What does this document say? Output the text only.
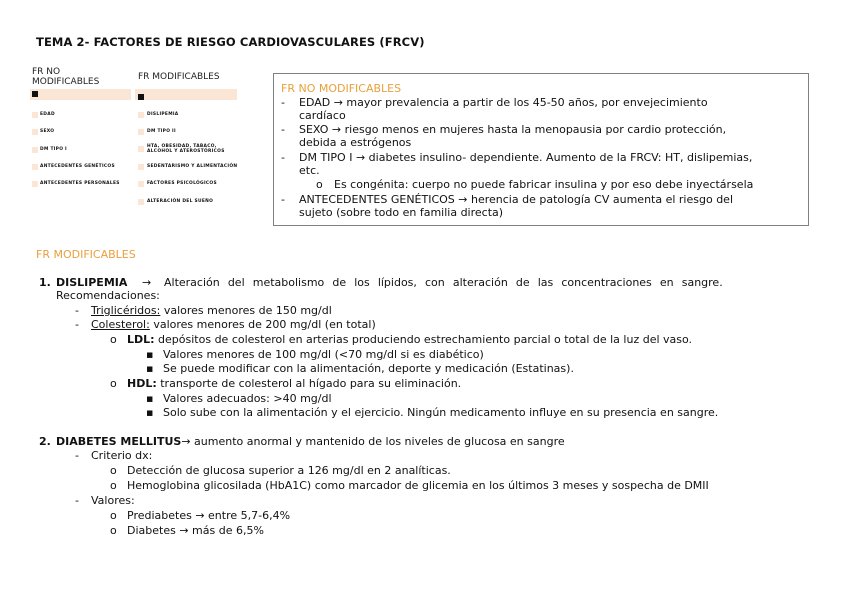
TEMA 2- FACTORES DE RIESGO CARDIOVASCULARES (FRCV)
FR NO MODIFICABLES	FR MODIFICABLES
EDAD
SEXO
DM TIPO I
ANTECEDENTES GENÉTICOS
ANTECEDENTES PERSONALES
DISLIPEMIA
DM TIPO II
HTA, OBESIDAD, TABACO,
ALCOHOL Y ATEROSTÓRICOS
SEDENTARISMO Y ALIMENTACIÓN
FACTORES PSICOLÓGICOS
ALTERACIÓN DEL SUEÑO
FR NO MODIFICABLES
- EDAD → mayor prevalencia a partir de los 45-50 años, por envejecimiento
cardíaco
- SEXO → riesgo menos en mujeres hasta la menopausia por cardio protección,
debida a estrógenos
- DM TIPO I → diabetes insulino- dependiente. Aumento de la FRCV: HT, dislipemias,
etc.
o Es congénita: cuerpo no puede fabricar insulina y por eso debe inyectársela
- ANTECEDENTES GENÉTICOS → herencia de patología CV aumenta el riesgo del
sujeto (sobre todo en familia directa)
FR MODIFICABLES
1. DISLIPEMIA → Alteración del metabolismo de los lípidos, con alteración de las concentraciones en sangre.
Recomendaciones:
- Triglicéridos: valores menores de 150 mg/dl
- Colesterol: valores menores de 200 mg/dl (en total)
o LDL: depósitos de colesterol en arterias produciendo estrechamiento parcial o total de la luz del vaso.
▪ Valores menores de 100 mg/dl (<70 mg/dl si es diabético)
▪ Se puede modificar con la alimentación, deporte y medicación (Estatinas).
o HDL: transporte de colesterol al hígado para su eliminación.
▪ Valores adecuados: >40 mg/dl
▪ Solo sube con la alimentación y el ejercicio. Ningún medicamento influye en su presencia en sangre.
2. DIABETES MELLITUS→ aumento anormal y mantenido de los niveles de glucosa en sangre
- Criterio dx:
o Detección de glucosa superior a 126 mg/dl en 2 analíticas.
o Hemoglobina glicosilada (HbA1C) como marcador de glicemia en los últimos 3 meses y sospecha de DMII
- Valores:
o Prediabetes → entre 5,7-6,4%
o Diabetes → más de 6,5%
